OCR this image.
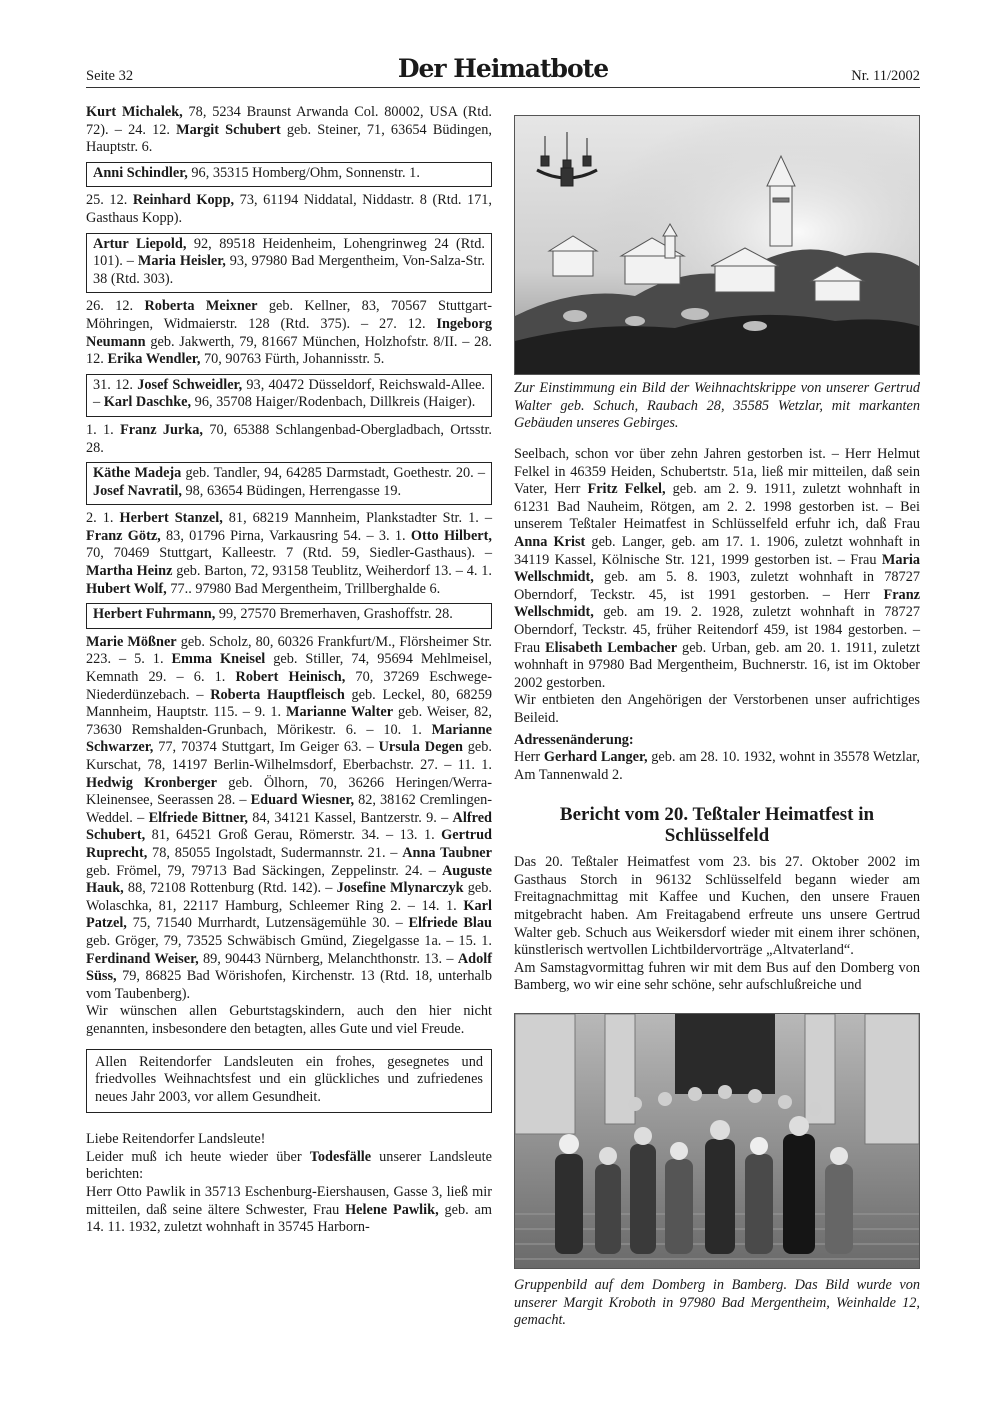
Seite 32	Der Heimatbote	Nr. 11/2002

Kurt Michalek, 78, 5234 Braunst Arwanda Col. 80002, USA (Rtd. 72). – 24. 12. Margit Schubert geb. Steiner, 71, 63654 Büdingen, Hauptstr. 6.

Anni Schindler, 96, 35315 Homberg/Ohm, Sonnenstr. 1.

25. 12. Reinhard Kopp, 73, 61194 Niddatal, Niddastr. 8 (Rtd. 171, Gasthaus Kopp).

Artur Liepold, 92, 89518 Heidenheim, Lohengrinweg 24 (Rtd. 101). – Maria Heisler, 93, 97980 Bad Mergentheim, Von-Salza-Str. 38 (Rtd. 303).

26. 12. Roberta Meixner geb. Kellner, 83, 70567 Stuttgart-Möhringen, Widmaierstr. 128 (Rtd. 375). – 27. 12. Ingeborg Neumann geb. Jakwerth, 79, 81667 München, Holzhofstr. 8/II. – 28. 12. Erika Wendler, 70, 90763 Fürth, Johannisstr. 5.

31. 12. Josef Schweidler, 93, 40472 Düsseldorf, Reichswald-Allee. – Karl Daschke, 96, 35708 Haiger/Rodenbach, Dillkreis (Haiger).

1. 1. Franz Jurka, 70, 65388 Schlangenbad-Obergladbach, Ortsstr. 28.

Käthe Madeja geb. Tandler, 94, 64285 Darmstadt, Goethestr. 20. – Josef Navratil, 98, 63654 Büdingen, Herrengasse 19.

2. 1. Herbert Stanzel, 81, 68219 Mannheim, Plankstadter Str. 1. – Franz Götz, 83, 01796 Pirna, Varkausring 54. – 3. 1. Otto Hilbert, 70, 70469 Stuttgart, Kalleestr. 7 (Rtd. 59, Siedler-Gasthaus). – Martha Heinz geb. Barton, 72, 93158 Teublitz, Weiherdorf 13. – 4. 1. Hubert Wolf, 77.. 97980 Bad Mergentheim, Trillberghalde 6.

Herbert Fuhrmann, 99, 27570 Bremerhaven, Grashoffstr. 28.

Marie Mößner geb. Scholz, 80, 60326 Frankfurt/M., Flörsheimer Str. 223. – 5. 1. Emma Kneisel geb. Stiller, 74, 95694 Mehlmeisel, Kemnath 29. – 6. 1. Robert Heinisch, 70, 37269 Eschwege-Niederdünzebach. – Roberta Hauptfleisch geb. Leckel, 80, 68259 Mannheim, Hauptstr. 115. – 9. 1. Marianne Walter geb. Weiser, 82, 73630 Remshalden-Grunbach, Mörikestr. 6. – 10. 1. Marianne Schwarzer, 77, 70374 Stuttgart, Im Geiger 63. – Ursula Degen geb. Kurschat, 78, 14197 Berlin-Wilhelmsdorf, Eberbachstr. 27. – 11. 1. Hedwig Kronberger geb. Ölhorn, 70, 36266 Heringen/Werra-Kleinensee, Seerassen 28. – Eduard Wiesner, 82, 38162 Cremlingen-Weddel. – Elfriede Bittner, 84, 34121 Kassel, Bantzerstr. 9. – Alfred Schubert, 81, 64521 Groß Gerau, Römerstr. 34. – 13. 1. Gertrud Ruprecht, 78, 85055 Ingolstadt, Sudermannstr. 21. – Anna Taubner geb. Frömel, 79, 79713 Bad Säckingen, Zeppelinstr. 24. – Auguste Hauk, 88, 72108 Rottenburg (Rtd. 142). – Josefine Mlynarczyk geb. Wolaschka, 81, 22117 Hamburg, Schleemer Ring 2. – 14. 1. Karl Patzel, 75, 71540 Murrhardt, Lutzensägemühle 30. – Elfriede Blau geb. Gröger, 79, 73525 Schwäbisch Gmünd, Ziegelgasse 1a. – 15. 1. Ferdinand Weiser, 89, 90443 Nürnberg, Melanchthonstr. 13. – Adolf Süss, 79, 86825 Bad Wörishofen, Kirchenstr. 13 (Rtd. 18, unterhalb vom Taubenberg).

Wir wünschen allen Geburtstagskindern, auch den hier nicht genannten, insbesondere den betagten, alles Gute und viel Freude.

Allen Reitendorfer Landsleuten ein frohes, gesegnetes und friedvolles Weihnachtsfest und ein glückliches und zufriedenes neues Jahr 2003, vor allem Gesundheit.

Liebe Reitendorfer Landsleute!

Leider muß ich heute wieder über Todesfälle unserer Landsleute berichten:

Herr Otto Pawlik in 35713 Eschenburg-Eiershausen, Gasse 3, ließ mir mitteilen, daß seine ältere Schwester, Frau Helene Pawlik, geb. am 14. 11. 1932, zuletzt wohnhaft in 35745 Harborn-

Zur Einstimmung ein Bild der Weihnachtskrippe von unserer Gertrud Walter geb. Schuch, Raubach 28, 35585 Wetzlar, mit markanten Gebäuden unseres Gebirges.

Seelbach, schon vor über zehn Jahren gestorben ist. – Herr Helmut Felkel in 46359 Heiden, Schubertstr. 51a, ließ mir mitteilen, daß sein Vater, Herr Fritz Felkel, geb. am 2. 9. 1911, zuletzt wohnhaft in 61231 Bad Nauheim, Rötgen, am 2. 2. 1998 gestorben ist. – Bei unserem Teßtaler Heimatfest in Schlüsselfeld erfuhr ich, daß Frau Anna Krist geb. Langer, geb. am 17. 1. 1906, zuletzt wohnhaft in 34119 Kassel, Kölnische Str. 121, 1999 gestorben ist. – Frau Maria Wellschmidt, geb. am 5. 8. 1903, zuletzt wohnhaft in 78727 Oberndorf, Teckstr. 45, ist 1991 gestorben. – Herr Franz Wellschmidt, geb. am 19. 2. 1928, zuletzt wohnhaft in 78727 Oberndorf, Teckstr. 45, früher Reitendorf 459, ist 1984 gestorben. – Frau Elisabeth Lembacher geb. Urban, geb. am 20. 1. 1911, zuletzt wohnhaft in 97980 Bad Mergentheim, Buchnerstr. 16, ist im Oktober 2002 gestorben.

Wir entbieten den Angehörigen der Verstorbenen unser aufrichtiges Beileid.

Adressenänderung:

Herr Gerhard Langer, geb. am 28. 10. 1932, wohnt in 35578 Wetzlar, Am Tannenwald 2.

Bericht vom 20. Teßtaler Heimatfest in Schlüsselfeld

Das 20. Teßtaler Heimatfest vom 23. bis 27. Oktober 2002 im Gasthaus Storch in 96132 Schlüsselfeld begann wieder am Freitagnachmittag mit Kaffee und Kuchen, den unsere Frauen mitgebracht haben. Am Freitagabend erfreute uns unsere Gertrud Walter geb. Schuch aus Weikersdorf wieder mit einem ihrer schönen, künstlerisch wertvollen Lichtbildervorträge „Altvaterland“.

Am Samstagvormittag fuhren wir mit dem Bus auf den Domberg von Bamberg, wo wir eine sehr schöne, sehr aufschlußreiche und

Gruppenbild auf dem Domberg in Bamberg. Das Bild wurde von unserer Margit Kroboth in 97980 Bad Mergentheim, Weinhalde 12, gemacht.
